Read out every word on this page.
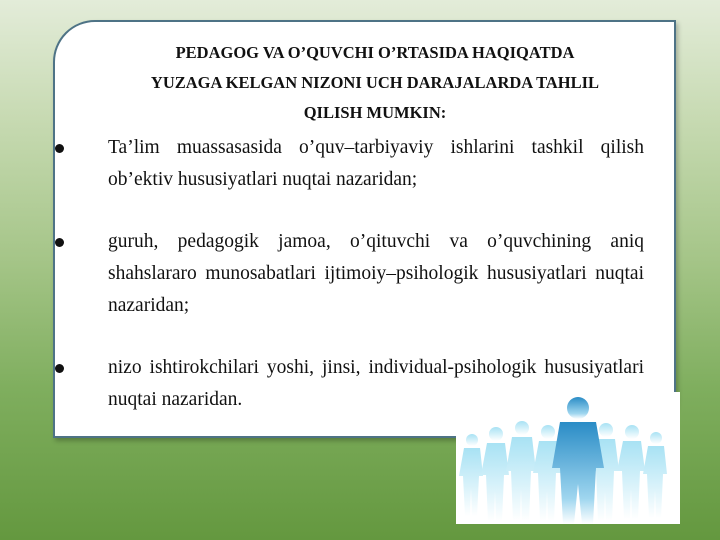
PEDAGOG VA O’QUVCHI O’RTASIDA HAQIQATDA
YUZAGA KELGAN NIZONI UCH DARAJALARDA TAHLIL
QILISH MUMKIN:
Ta’lim muassasasida o’quv–tarbiyaviy ishlarini tashkil qilish ob’ektiv hususiyatlari nuqtai nazaridan;
guruh, pedagogik jamoa, o’qituvchi va o’quvchining aniq shahslararo munosabatlari ijtimoiy–psihologik hususiyatlari nuqtai nazaridan;
nizo ishtirokchilari yoshi, jinsi, individual-psihologik hususiyatlari nuqtai nazaridan.
